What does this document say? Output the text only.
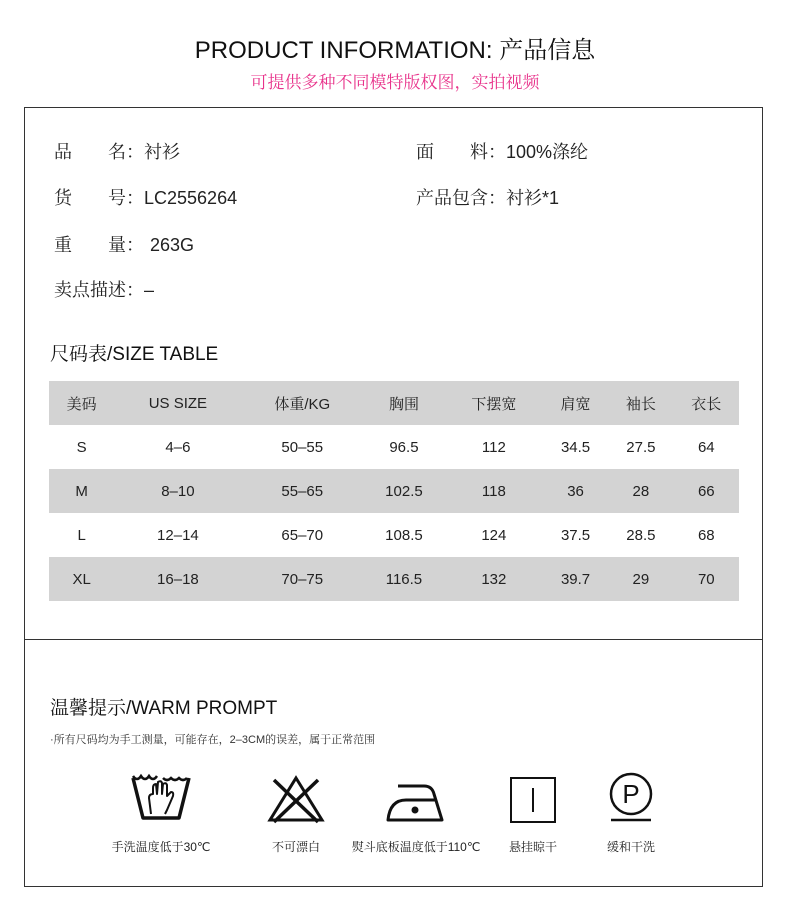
PRODUCT INFORMATION: 产品信息
可提供多种不同模特版权图，实拍视频
品　　名：衬衫	面　　料：100%涤纶
货　　号：LC2556264	产品包含：衬衫*1
重　　量： 263G
卖点描述：–
尺码表/SIZE TABLE
美码	US SIZE	体重/KG	胸围	下摆宽	肩宽	袖长	衣长
S	4–6	50–55	96.5	112	34.5	27.5	64
M	8–10	55–65	102.5	118	36	28	66
L	12–14	65–70	108.5	124	37.5	28.5	68
XL	16–18	70–75	116.5	132	39.7	29	70
温馨提示/WARM PROMPT
·所有尺码均为手工测量，可能存在，2–3CM的误差，属于正常范围
手洗温度低于30℃	不可漂白	熨斗底板温度低于110℃	悬挂晾干
P
缓和干洗
